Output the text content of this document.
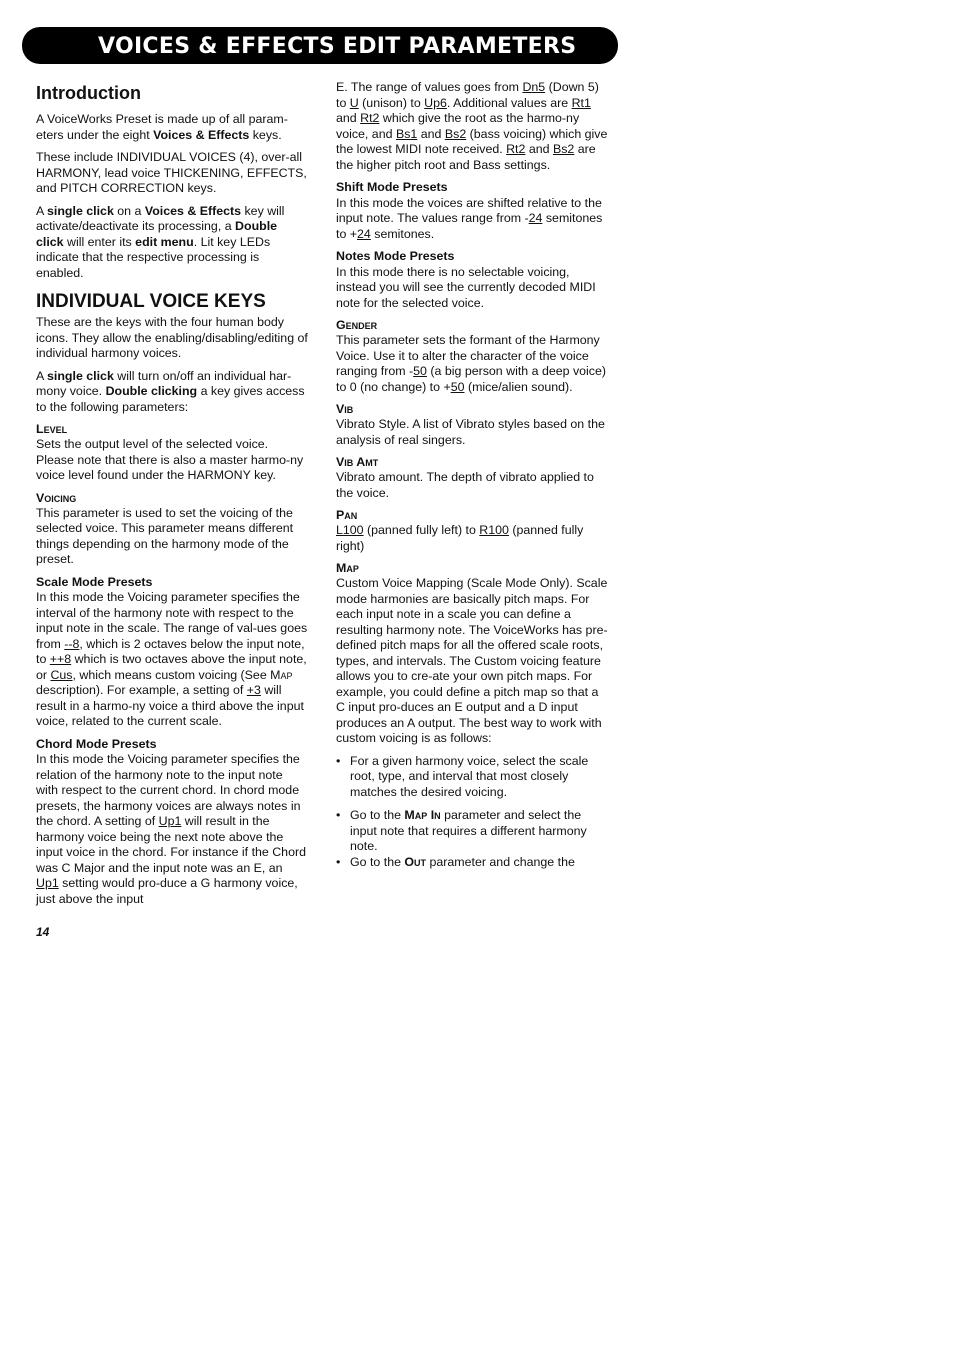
VOICES & EFFECTS EDIT PARAMETERS
Introduction

A VoiceWorks Preset is made up of all param-eters under the eight Voices & Effects keys.

These include INDIVIDUAL VOICES (4), over-all HARMONY, lead voice THICKENING, EFFECTS, and PITCH CORRECTION keys.

A single click on a Voices & Effects key will activate/deactivate its processing, a Double click will enter its edit menu. Lit key LEDs indicate that the respective processing is enabled.

INDIVIDUAL VOICE KEYS

These are the keys with the four human body icons. They allow the enabling/disabling/editing of individual harmony voices.

A single click will turn on/off an individual har-mony voice. Double clicking a key gives access to the following parameters:

Level

Sets the output level of the selected voice. Please note that there is also a master harmo-ny voice level found under the HARMONY key.

Voicing

This parameter is used to set the voicing of the selected voice. This parameter means different things depending on the harmony mode of the preset.

Scale Mode Presets

In this mode the Voicing parameter specifies the interval of the harmony note with respect to the input note in the scale. The range of val-ues goes from --8, which is 2 octaves below the input note, to ++8 which is two octaves above the input note, or Cus, which means custom voicing (See Map description). For example, a setting of +3 will result in a harmo-ny voice a third above the input voice, related to the current scale.

Chord Mode Presets

In this mode the Voicing parameter specifies the relation of the harmony note to the input note with respect to the current chord. In chord mode presets, the harmony voices are always notes in the chord. A setting of Up1 will result in the harmony voice being the next note above the input voice in the chord. For instance if the Chord was C Major and the input note was an E, an Up1 setting would pro-duce a G harmony voice, just above the input

E. The range of values goes from Dn5 (Down 5) to U (unison) to Up6. Additional values are Rt1 and Rt2 which give the root as the harmo-ny voice, and Bs1 and Bs2 (bass voicing) which give the lowest MIDI note received. Rt2 and Bs2 are the higher pitch root and Bass settings.

Shift Mode Presets

In this mode the voices are shifted relative to the input note. The values range from -24 semitones to +24 semitones.

Notes Mode Presets

In this mode there is no selectable voicing, instead you will see the currently decoded MIDI note for the selected voice.

Gender

This parameter sets the formant of the Harmony Voice. Use it to alter the character of the voice ranging from -50 (a big person with a deep voice) to 0 (no change) to +50 (mice/alien sound).

Vib

Vibrato Style. A list of Vibrato styles based on the analysis of real singers.

Vib Amt

Vibrato amount. The depth of vibrato applied to the voice.

Pan

L100 (panned fully left) to R100 (panned fully right)

Map

Custom Voice Mapping (Scale Mode Only). Scale mode harmonies are basically pitch maps. For each input note in a scale you can define a resulting harmony note. The VoiceWorks has pre-defined pitch maps for all the offered scale roots, types, and intervals. The Custom voicing feature allows you to cre-ate your own pitch maps. For example, you could define a pitch map so that a C input pro-duces an E output and a D input produces an A output. The best way to work with custom voicing is as follows:

• For a given harmony voice, select the scale root, type, and interval that most closely matches the desired voicing.
• Go to the Map In parameter and select the input note that requires a different harmony note.
• Go to the Out parameter and change the
14
